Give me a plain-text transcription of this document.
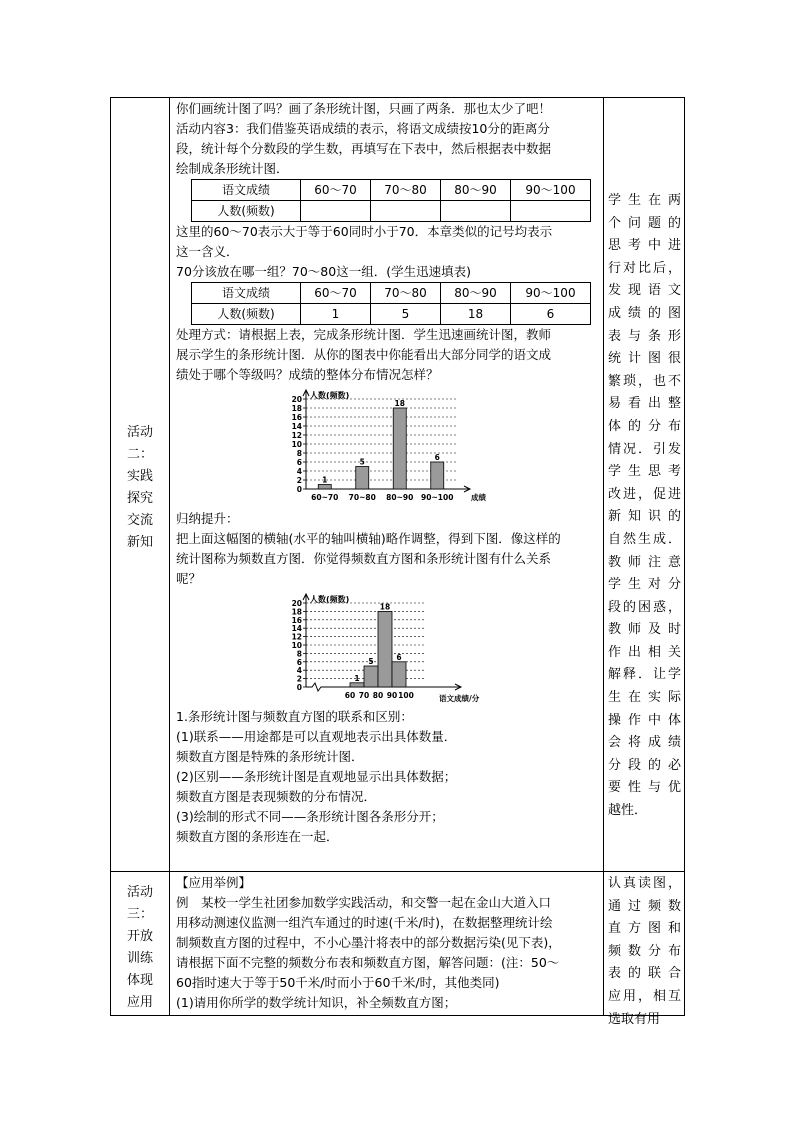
活动
二：
实践
探究
交流
新知

你们画统计图了吗？画了条形统计图，只画了两条．那也太少了吧！

活动内容3：我们借鉴英语成绩的表示，将语文成绩按10分的距离分

段，统计每个分数段的学生数，再填写在下表中，然后根据表中数据

绘制成条形统计图．

语文成绩	60～70	70～80	80～90	90～100
人数(频数)				

这里的60～70表示大于等于60同时小于70．本章类似的记号均表示

这一含义．

70分该放在哪一组？70～80这一组．(学生迅速填表)

语文成绩	60～70	70～80	80～90	90～100
人数(频数)	1	5	18	6

处理方式：请根据上表，完成条形统计图．学生迅速画统计图，教师

展示学生的条形统计图．从你的图表中你能看出大部分同学的语文成

绩处于哪个等级吗？成绩的整体分布情况怎样？

0
2
4
6
8
10
12
14
16
18
20 人数(频数)
1
5
18
6
60~70 70~80 80~90 90~100 成绩

归纳提升：

把上面这幅图的横轴(水平的轴叫横轴)略作调整，得到下图．像这样的

统计图称为频数直方图．你觉得频数直方图和条形统计图有什么关系

呢？

0
2
4
6
8
10
12
14
16
18
20 人数(频数)
1
5
18
6
60 70 80 90 100	语文成绩/分

1.条形统计图与频数直方图的联系和区别：

(1)联系——用途都是可以直观地表示出具体数量．

频数直方图是特殊的条形统计图．

(2)区别——条形统计图是直观地显示出具体数据；

频数直方图是表现频数的分布情况．

(3)绘制的形式不同——条形统计图各条形分开；

频数直方图的条形连在一起．

学生在两
个问题的
思考中进
行对比后，
发现语文
成绩的图
表与条形
统计图很
繁琐，也不
易看出整
体的分布
情况．引发
学生思考
改进，促进
新知识的
自然生成．
教师注意
学生对分
段的困惑，
教师及时
作出相关
解释．让学
生在实际
操作中体
会将成绩
分段的必
要性与优
越性．
活动
三：
开放
训练
体现
应用

【应用举例】

例　某校一学生社团参加数学实践活动，和交警一起在金山大道入口

用移动测速仪监测一组汽车通过的时速(千米/时)，在数据整理统计绘

制频数直方图的过程中，不小心墨汁将表中的部分数据污染(见下表)，

请根据下面不完整的频数分布表和频数直方图，解答问题：(注：50～

60指时速大于等于50千米/时而小于60千米/时，其他类同)

(1)请用你所学的数学统计知识，补全频数直方图；

认真读图，
通过频数
直方图和
频数分布
表的联合
应用，相互
选取有用
